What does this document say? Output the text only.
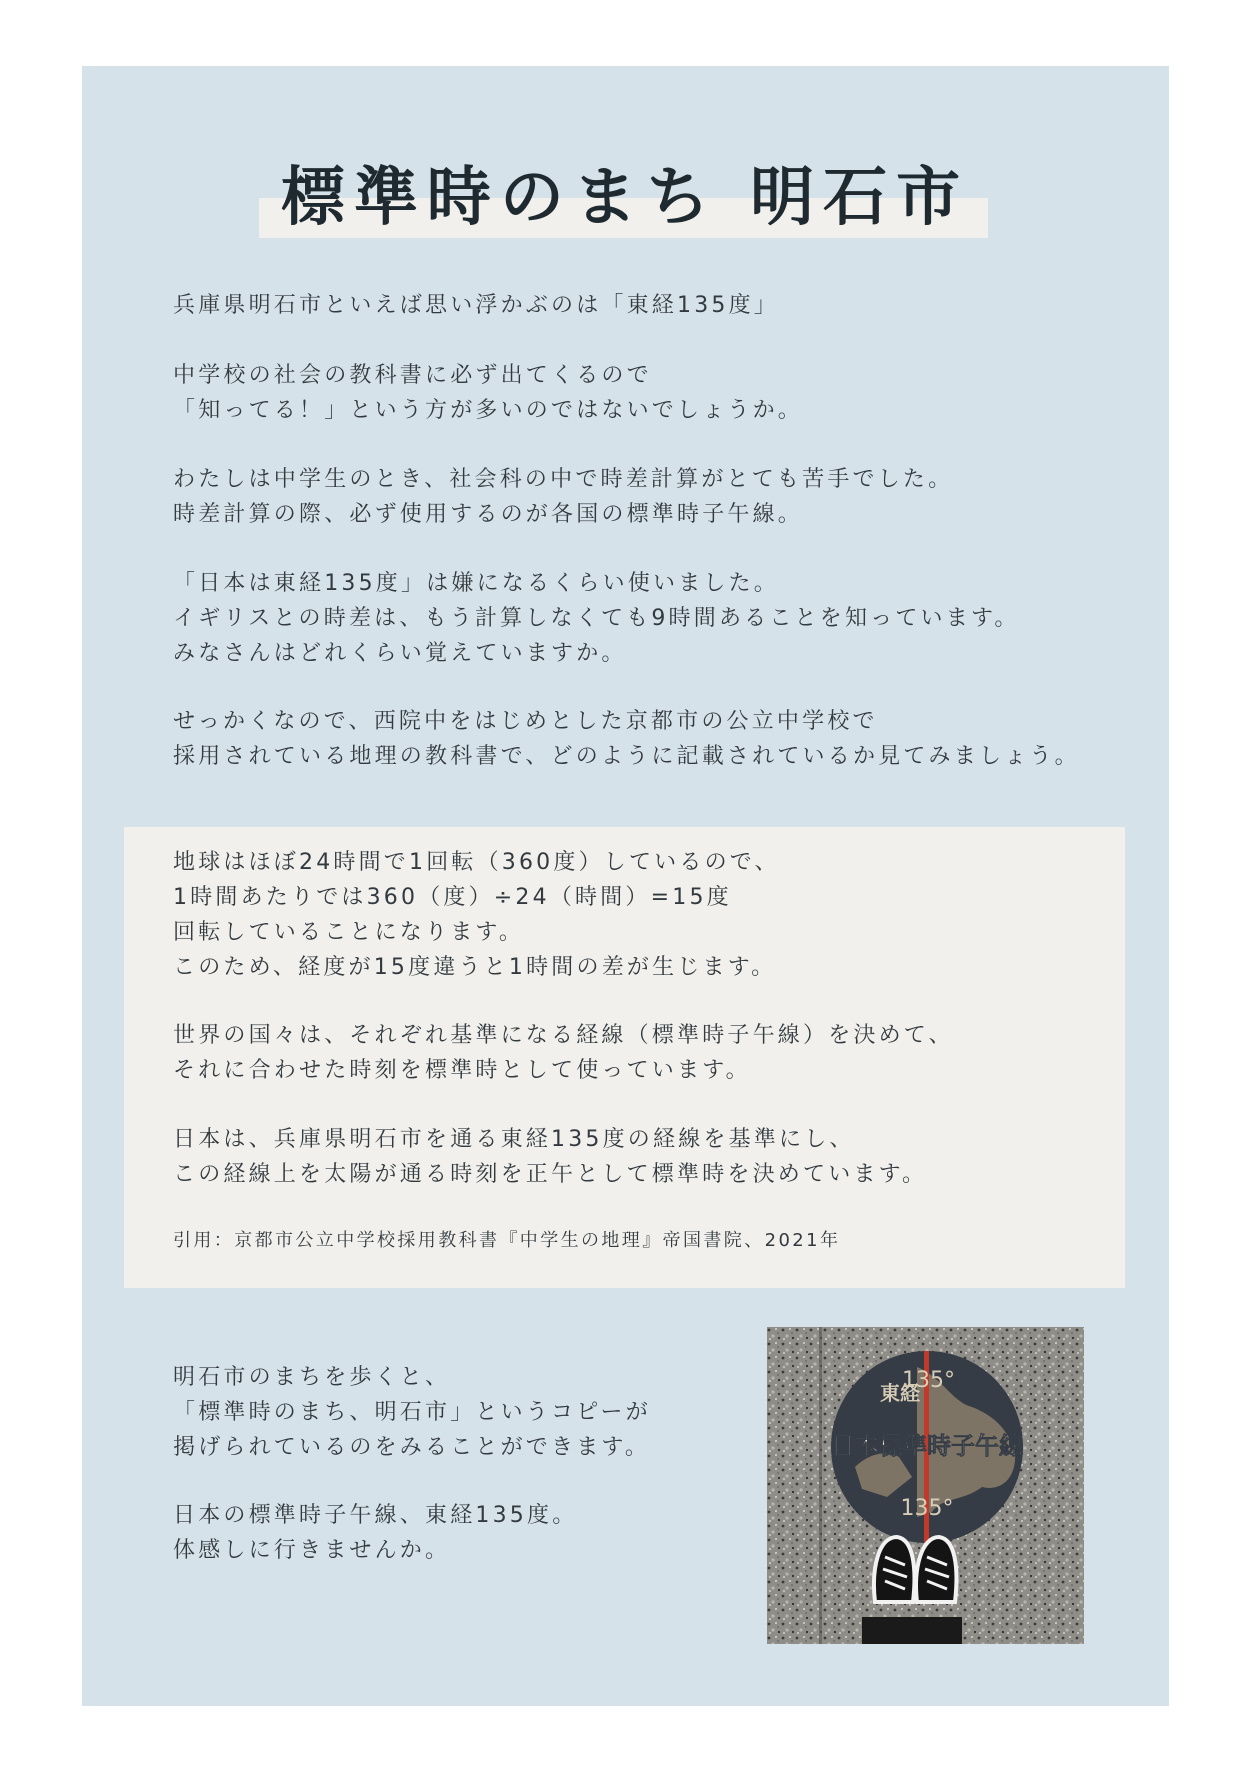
標準時のまち 明石市

兵庫県明石市といえば思い浮かぶのは「東経135度」

中学校の社会の教科書に必ず出てくるので
「知ってる！」という方が多いのではないでしょうか。

わたしは中学生のとき、社会科の中で時差計算がとても苦手でした。
時差計算の際、必ず使用するのが各国の標準時子午線。

「日本は東経135度」は嫌になるくらい使いました。
イギリスとの時差は、もう計算しなくても9時間あることを知っています。
みなさんはどれくらい覚えていますか。

せっかくなので、西院中をはじめとした京都市の公立中学校で
採用されている地理の教科書で、どのように記載されているか見てみましょう。

地球はほぼ24時間で1回転（360度）しているので、
1時間あたりでは360（度）÷24（時間）=15度
回転していることになります。
このため、経度が15度違うと1時間の差が生じます。

世界の国々は、それぞれ基準になる経線（標準時子午線）を決めて、
それに合わせた時刻を標準時として使っています。

日本は、兵庫県明石市を通る東経135度の経線を基準にし、
この経線上を太陽が通る時刻を正午として標準時を決めています。

引用：京都市公立中学校採用教科書『中学生の地理』帝国書院、2021年

明石市のまちを歩くと、
「標準時のまち、明石市」というコピーが
掲げられているのをみることができます。

日本の標準時子午線、東経135度。
体感しに行きませんか。

東経
135°
日本標準時子午線
135°
